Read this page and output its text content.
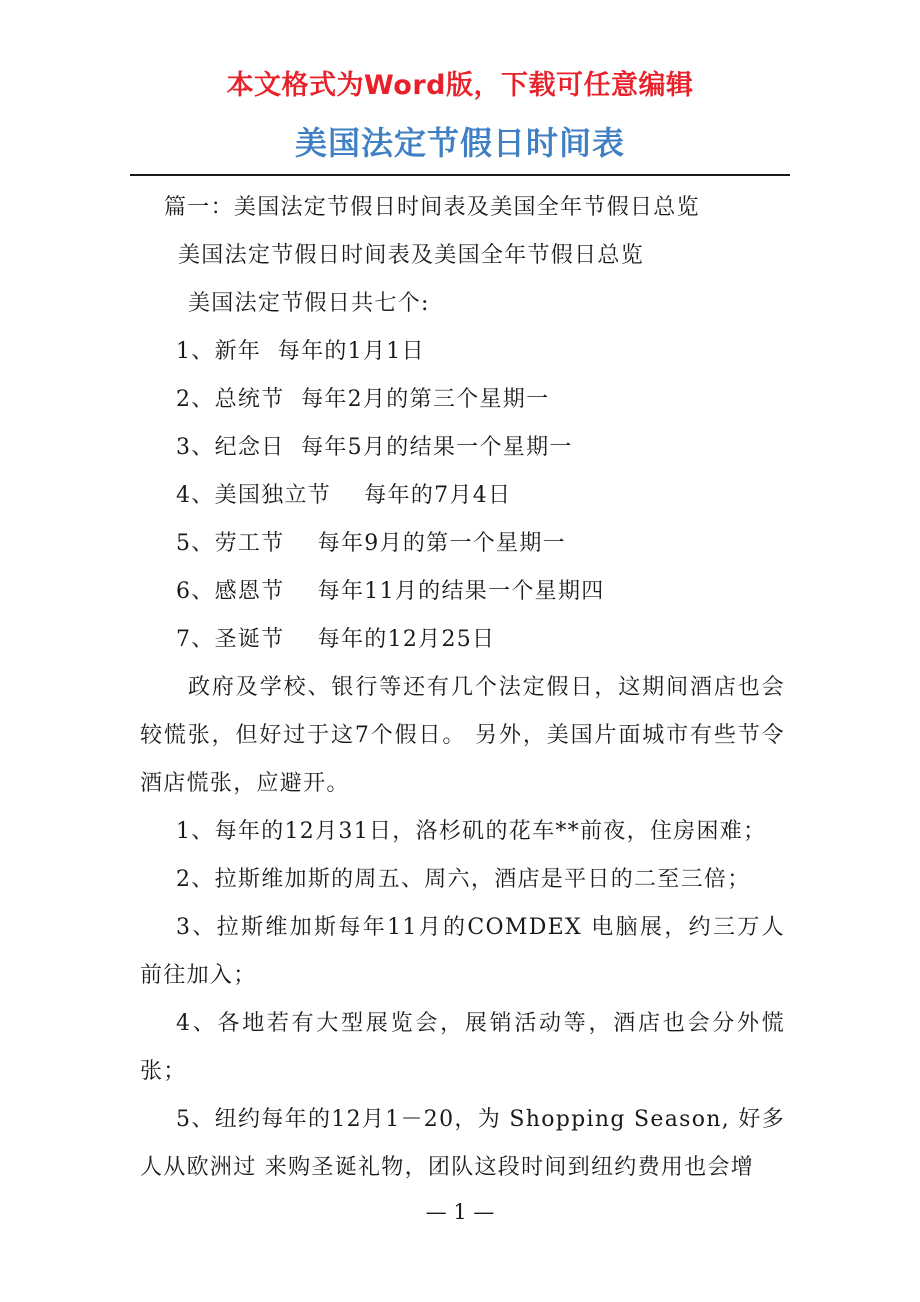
本文格式为Word版，下载可任意编辑
美国法定节假日时间表

篇一：美国法定节假日时间表及美国全年节假日总览

美国法定节假日时间表及美国全年节假日总览

美国法定节假日共七个:

1、新年  每年的1月1日

2、总统节  每年2月的第三个星期一

3、纪念日  每年5月的结果一个星期一

4、美国独立节    每年的7月4日

5、劳工节    每年9月的第一个星期一

6、感恩节    每年11月的结果一个星期四

7、圣诞节    每年的12月25日

政府及学校、银行等还有几个法定假日，这期间酒店也会较慌张，但好过于这7个假日。 另外，美国片面城市有些节令酒店慌张，应避开。

1、每年的12月31日，洛杉矶的花车**前夜，住房困难；

2、拉斯维加斯的周五、周六，酒店是平日的二至三倍；

3、拉斯维加斯每年11月的COMDEX 电脑展，约三万人前往加入；

4、各地若有大型展览会，展销活动等，酒店也会分外慌张；

5、纽约每年的12月1－20，为 Shopping Season, 好多人从欧洲过 来购圣诞礼物，团队这段时间到纽约费用也会增

— 1 —
